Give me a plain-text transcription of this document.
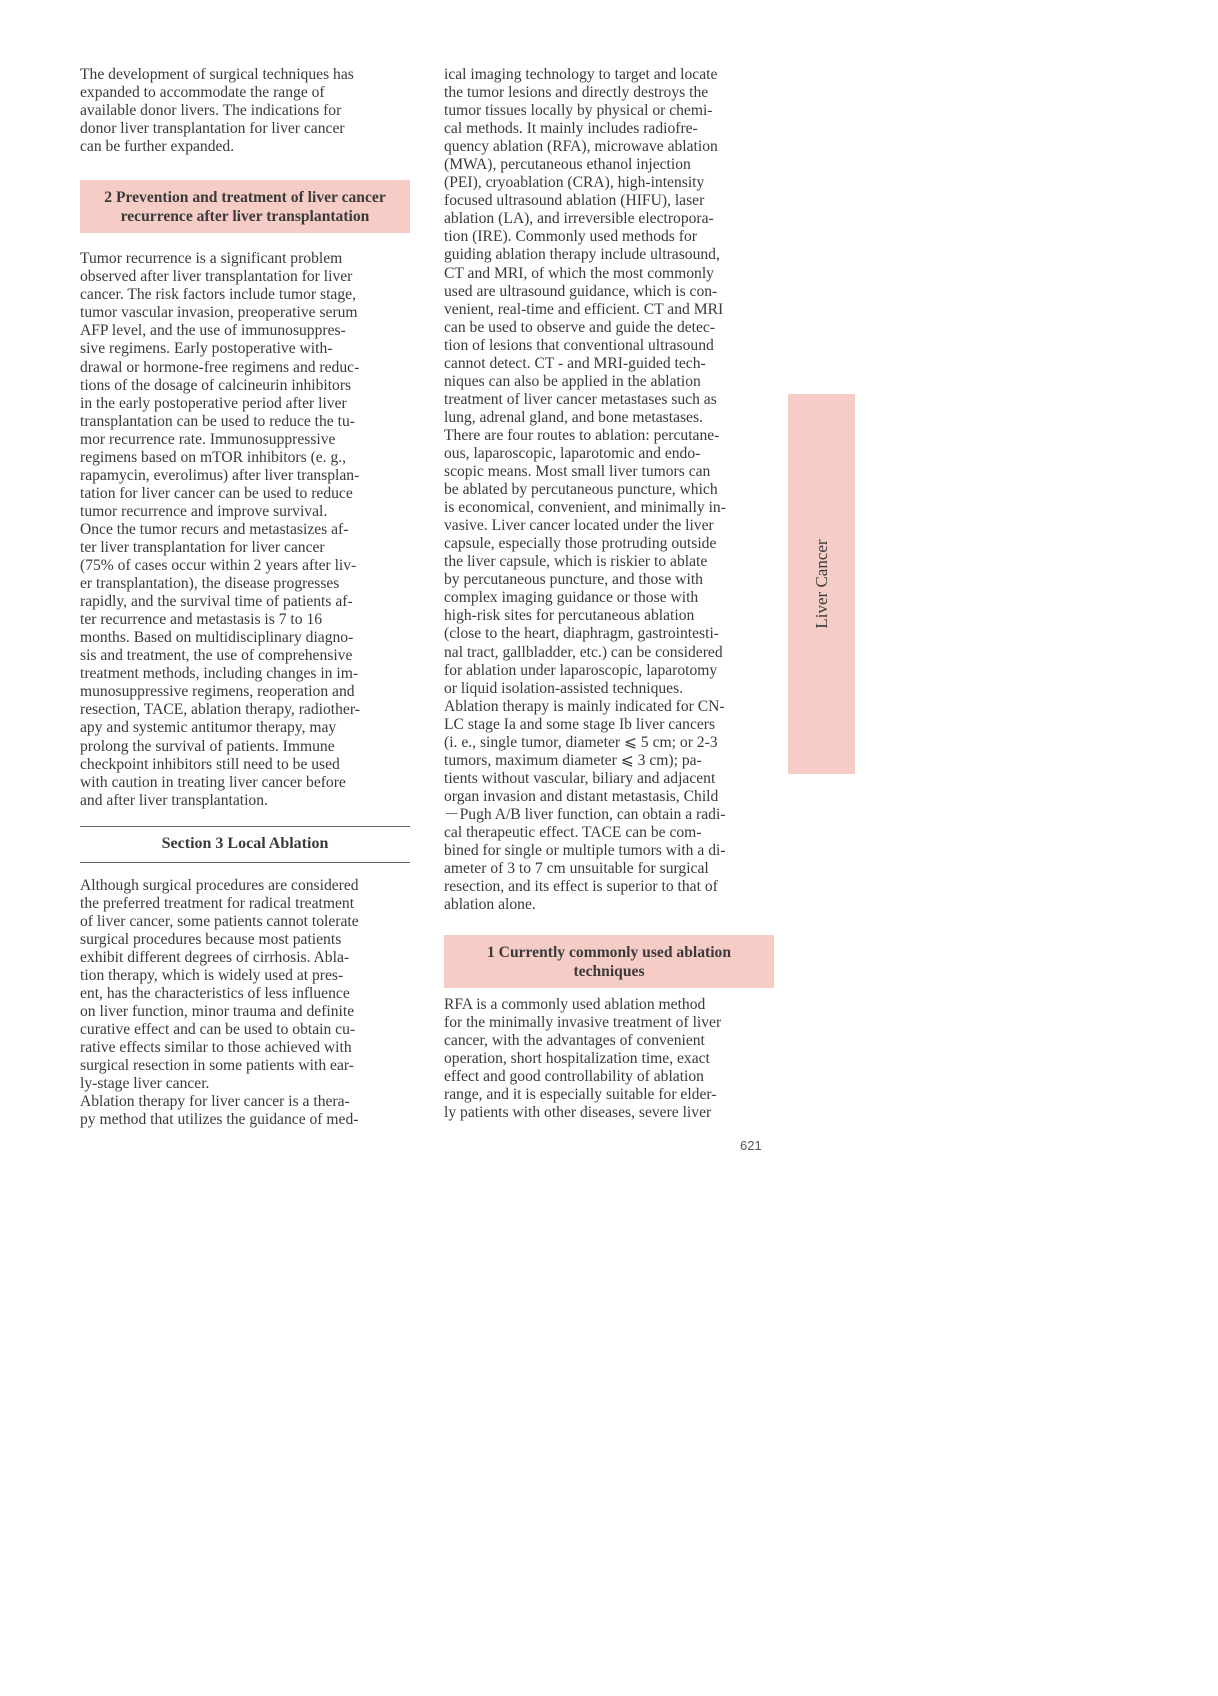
The development of surgical techniques has
expanded to accommodate the range of
available donor livers. The indications for
donor liver transplantation for liver cancer
can be further expanded.

2 Prevention and treatment of liver cancer
recurrence after liver transplantation

Tumor recurrence is a significant problem
observed after liver transplantation for liver
cancer. The risk factors include tumor stage,
tumor vascular invasion, preoperative serum
AFP level, and the use of immunosuppres-
sive regimens. Early postoperative with-
drawal or hormone-free regimens and reduc-
tions of the dosage of calcineurin inhibitors
in the early postoperative period after liver
transplantation can be used to reduce the tu-
mor recurrence rate. Immunosuppressive
regimens based on mTOR inhibitors (e. g.,
rapamycin, everolimus) after liver transplan-
tation for liver cancer can be used to reduce
tumor recurrence and improve survival.

Once the tumor recurs and metastasizes af-
ter liver transplantation for liver cancer
(75% of cases occur within 2 years after liv-
er transplantation), the disease progresses
rapidly, and the survival time of patients af-
ter recurrence and metastasis is 7 to 16
months. Based on multidisciplinary diagno-
sis and treatment, the use of comprehensive
treatment methods, including changes in im-
munosuppressive regimens, reoperation and
resection, TACE, ablation therapy, radiother-
apy and systemic antitumor therapy, may
prolong the survival of patients. Immune
checkpoint inhibitors still need to be used
with caution in treating liver cancer before
and after liver transplantation.

Section 3 Local Ablation

Although surgical procedures are considered
the preferred treatment for radical treatment
of liver cancer, some patients cannot tolerate
surgical procedures because most patients
exhibit different degrees of cirrhosis. Abla-
tion therapy, which is widely used at pres-
ent, has the characteristics of less influence
on liver function, minor trauma and definite
curative effect and can be used to obtain cu-
rative effects similar to those achieved with
surgical resection in some patients with ear-
ly-stage liver cancer.

Ablation therapy for liver cancer is a thera-
py method that utilizes the guidance of med-

ical imaging technology to target and locate
the tumor lesions and directly destroys the
tumor tissues locally by physical or chemi-
cal methods. It mainly includes radiofre-
quency ablation (RFA), microwave ablation
(MWA), percutaneous ethanol injection
(PEI), cryoablation (CRA), high-intensity
focused ultrasound ablation (HIFU), laser
ablation (LA), and irreversible electropora-
tion (IRE). Commonly used methods for
guiding ablation therapy include ultrasound,
CT and MRI, of which the most commonly
used are ultrasound guidance, which is con-
venient, real-time and efficient. CT and MRI
can be used to observe and guide the detec-
tion of lesions that conventional ultrasound
cannot detect. CT - and MRI-guided tech-
niques can also be applied in the ablation
treatment of liver cancer metastases such as
lung, adrenal gland, and bone metastases.

There are four routes to ablation: percutane-
ous, laparoscopic, laparotomic and endo-
scopic means. Most small liver tumors can
be ablated by percutaneous puncture, which
is economical, convenient, and minimally in-
vasive. Liver cancer located under the liver
capsule, especially those protruding outside
the liver capsule, which is riskier to ablate
by percutaneous puncture, and those with
complex imaging guidance or those with
high-risk sites for percutaneous ablation
(close to the heart, diaphragm, gastrointesti-
nal tract, gallbladder, etc.) can be considered
for ablation under laparoscopic, laparotomy
or liquid isolation-assisted techniques.

Ablation therapy is mainly indicated for CN-
LC stage Ia and some stage Ib liver cancers
(i. e., single tumor, diameter ⩽ 5 cm; or 2-3
tumors, maximum diameter ⩽ 3 cm); pa-
tients without vascular, biliary and adjacent
organ invasion and distant metastasis, Child
－Pugh A/B liver function, can obtain a radi-
cal therapeutic effect. TACE can be com-
bined for single or multiple tumors with a di-
ameter of 3 to 7 cm unsuitable for surgical
resection, and its effect is superior to that of
ablation alone.

1 Currently commonly used ablation
techniques

RFA is a commonly used ablation method
for the minimally invasive treatment of liver
cancer, with the advantages of convenient
operation, short hospitalization time, exact
effect and good controllability of ablation
range, and it is especially suitable for elder-
ly patients with other diseases, severe liver

Liver Cancer
621
